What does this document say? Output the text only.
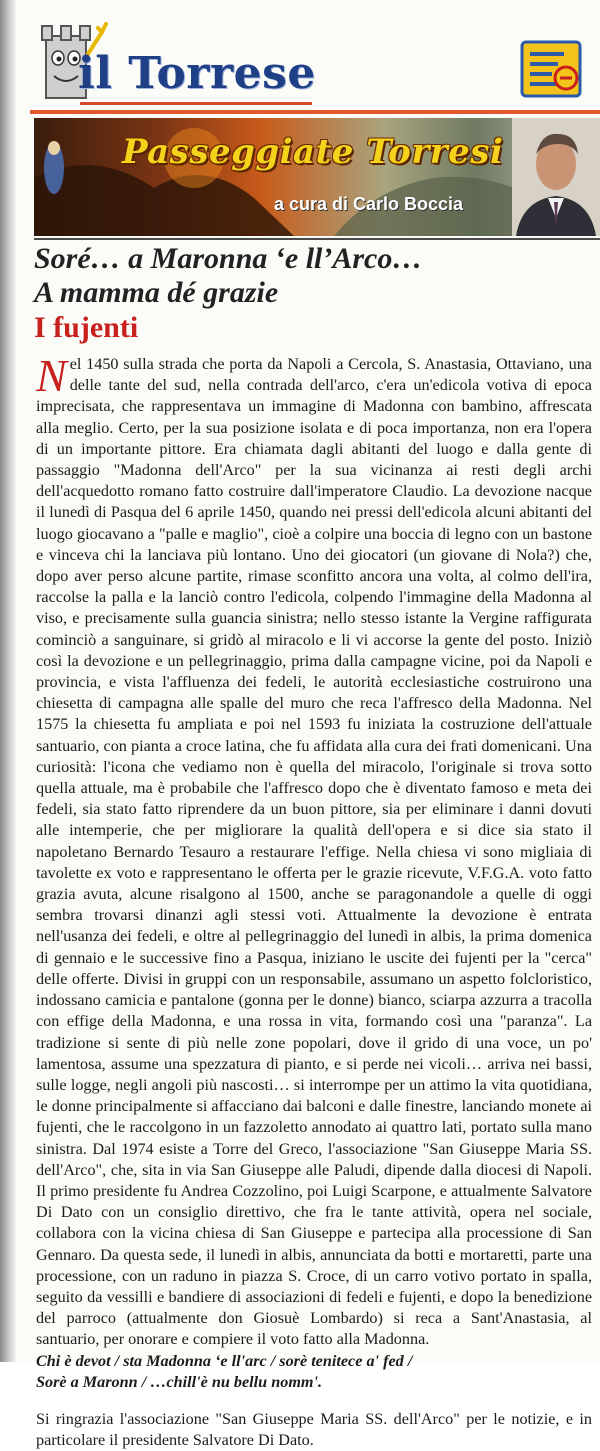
il Torrese
Passeggiate Torresi
a cura di Carlo Boccia
Soré… a Maronna ‘e ll’Arco…
A mamma dé grazie
I fujenti

Nel 1450 sulla strada che porta da Napoli a Cercola, S. Anastasia, Ottaviano, una delle tante del sud, nella contrada dell'arco, c'era un'edicola votiva di epoca imprecisata, che rappresentava un immagine di Madonna con bambino, affrescata alla meglio. Certo, per la sua posizione isolata e di poca importanza, non era l'opera di un importante pittore. Era chiamata dagli abitanti del luogo e dalla gente di passaggio "Madonna dell'Arco" per la sua vicinanza ai resti degli archi dell'acquedotto romano fatto costruire dall'imperatore Claudio. La devozione nacque il lunedì di Pasqua del 6 aprile 1450, quando nei pressi dell'edicola alcuni abitanti del luogo giocavano a "palle e maglio", cioè a colpire una boccia di legno con un bastone e vinceva chi la lanciava più lontano. Uno dei giocatori (un giovane di Nola?) che, dopo aver perso alcune partite, rimase sconfitto ancora una volta, al colmo dell'ira, raccolse la palla e la lanciò contro l'edicola, colpendo l'immagine della Madonna al viso, e precisamente sulla guancia sinistra; nello stesso istante la Vergine raffigurata cominciò a sanguinare, si gridò al miracolo e li vi accorse la gente del posto. Iniziò così la devozione e un pellegrinaggio, prima dalla campagne vicine, poi da Napoli e provincia, e vista l'affluenza dei fedeli, le autorità ecclesiastiche costruirono una chiesetta di campagna alle spalle del muro che reca l'affresco della Madonna. Nel 1575 la chiesetta fu ampliata e poi nel 1593 fu iniziata la costruzione dell'attuale santuario, con pianta a croce latina, che fu affidata alla cura dei frati domenicani. Una curiosità: l'icona che vediamo non è quella del miracolo, l'originale si trova sotto quella attuale, ma è probabile che l'affresco dopo che è diventato famoso e meta dei fedeli, sia stato fatto riprendere da un buon pittore, sia per eliminare i danni dovuti alle intemperie, che per migliorare la qualità dell'opera e si dice sia stato il napoletano Bernardo Tesauro a restaurare l'effige. Nella chiesa vi sono migliaia di tavolette ex voto e rappresentano le offerta per le grazie ricevute, V.F.G.A. voto fatto grazia avuta, alcune risalgono al 1500, anche se paragonandole a quelle di oggi sembra trovarsi dinanzi agli stessi voti. Attualmente la devozione è entrata nell'usanza dei fedeli, e oltre al pellegrinaggio del lunedì in albis, la prima domenica di gennaio e le successive fino a Pasqua, iniziano le uscite dei fujenti per la "cerca" delle offerte. Divisi in gruppi con un responsabile, assumano un aspetto folcloristico, indossano camicia e pantalone (gonna per le donne) bianco, sciarpa azzurra a tracolla con effige della Madonna, e una rossa in vita, formando così una "paranza". La tradizione si sente di più nelle zone popolari, dove il grido di una voce, un po' lamentosa, assume una spezzatura di pianto, e si perde nei vicoli… arriva nei bassi, sulle logge, negli angoli più nascosti… si interrompe per un attimo la vita quotidiana, le donne principalmente si affacciano dai balconi e dalle finestre, lanciando monete ai fujenti, che le raccolgono in un fazzoletto annodato ai quattro lati, portato sulla mano sinistra. Dal 1974 esiste a Torre del Greco, l'associazione "San Giuseppe Maria SS. dell'Arco", che, sita in via San Giuseppe alle Paludi, dipende dalla diocesi di Napoli. Il primo presidente fu Andrea Cozzolino, poi Luigi Scarpone, e attualmente Salvatore Di Dato con un consiglio direttivo, che fra le tante attività, opera nel sociale, collabora con la vicina chiesa di San Giuseppe e partecipa alla processione di San Gennaro. Da questa sede, il lunedì in albis, annunciata da botti e mortaretti, parte una processione, con un raduno in piazza S. Croce, di un carro votivo portato in spalla, seguito da vessilli e bandiere di associazioni di fedeli e fujenti, e dopo la benedizione del parroco (attualmente don Giosuè Lombardo) si reca a Sant'Anastasia, al santuario, per onorare e compiere il voto fatto alla Madonna.

Chi è devot / sta Madonna ‘e ll'arc / sorè tenitece a' fed /

Sorè a Maronn / …chill'è nu bellu nomm'.

Si ringrazia l'associazione "San Giuseppe Maria SS. dell'Arco" per le notizie, e in particolare il presidente Salvatore Di Dato.
